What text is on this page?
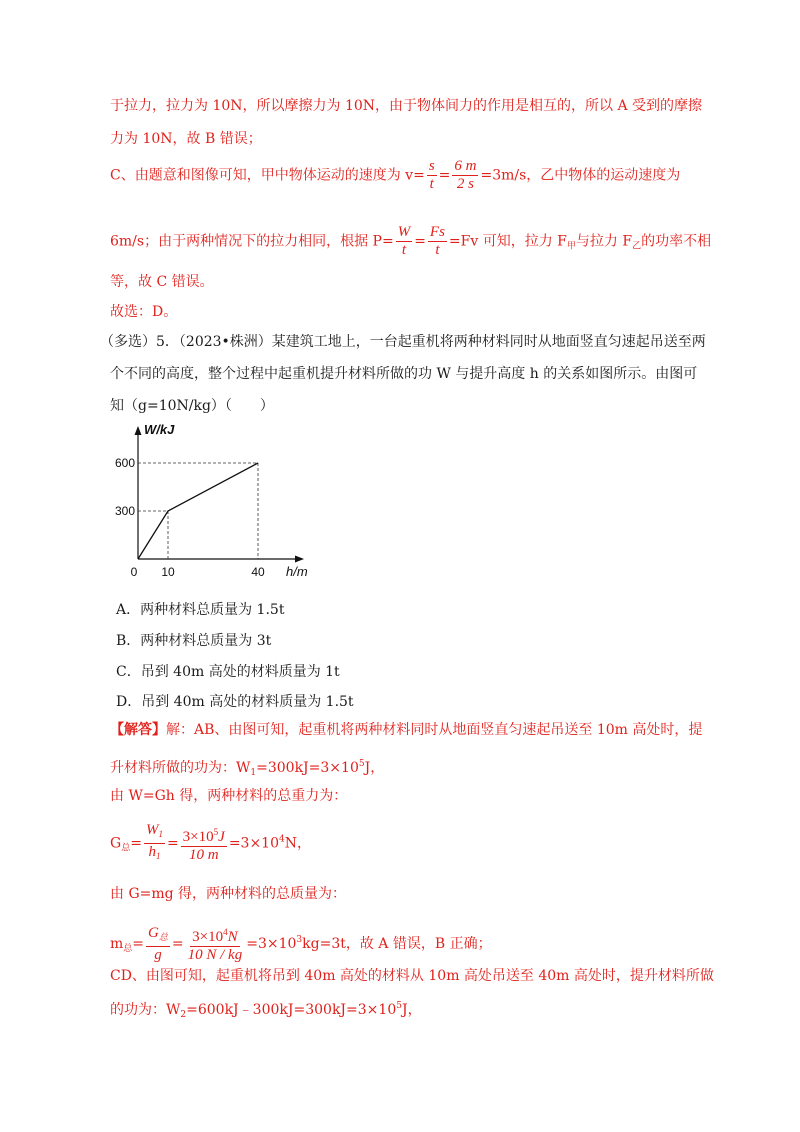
于拉力，拉力为 10N，所以摩擦力为 10N，由于物体间力的作用是相互的，所以 A 受到的摩擦
力为 10N，故 B 错误；
C、由题意和图像可知，甲中物体运动的速度为 $v= \frac{s}{t} = \frac{6 m}{2 s} =3m/s$，乙中物体的运动速度为
6m/s；由于两种情况下的拉力相同，根据 $P= \frac{W}{t} = \frac{Fs}{t} =Fv$ 可知，拉力 $F_甲$与拉力 $F_乙$的功率不相
等，故 C 错误。
故选：D。
（多选）5．（2023•株洲）某建筑工地上，一台起重机将两种材料同时从地面竖直匀速起吊送至两
个不同的高度，整个过程中起重机提升材料所做的功 W 与提升高度 h 的关系如图所示。由图可
知（g=10N/kg）（　　）
0 10	40
300
600
W/kJ
h/m
A．两种材料总质量为 1.5t
B．两种材料总质量为 3t
C．吊到 40m 高处的材料质量为 1t
D．吊到 40m 高处的材料质量为 1.5t
【解答】解：AB、由图可知，起重机将两种材料同时从地面竖直匀速起吊送至 10m 高处时，提
升材料所做的功为：$W_1=300kJ=3\times 10^5J$，
由 W=Gh 得，两种材料的总重力为：
$G_总= \frac{W_1}{h_1} = \frac{3\times 10^5J}{10 m} =3\times 10^4N$，
由 G=mg 得，两种材料的总质量为：
$m_总= \frac{G_总}{g} = \frac{3\times 10^4N}{10 N / kg} =3\times 10^3kg=3t$，故 A 错误，B 正确；
CD、由图可知，起重机将吊到 40m 高处的材料从 10m 高处吊送至 40m 高处时，提升材料所做
的功为：$W_2=600kJ﹣300kJ=300kJ=3\times 10^5J$，
